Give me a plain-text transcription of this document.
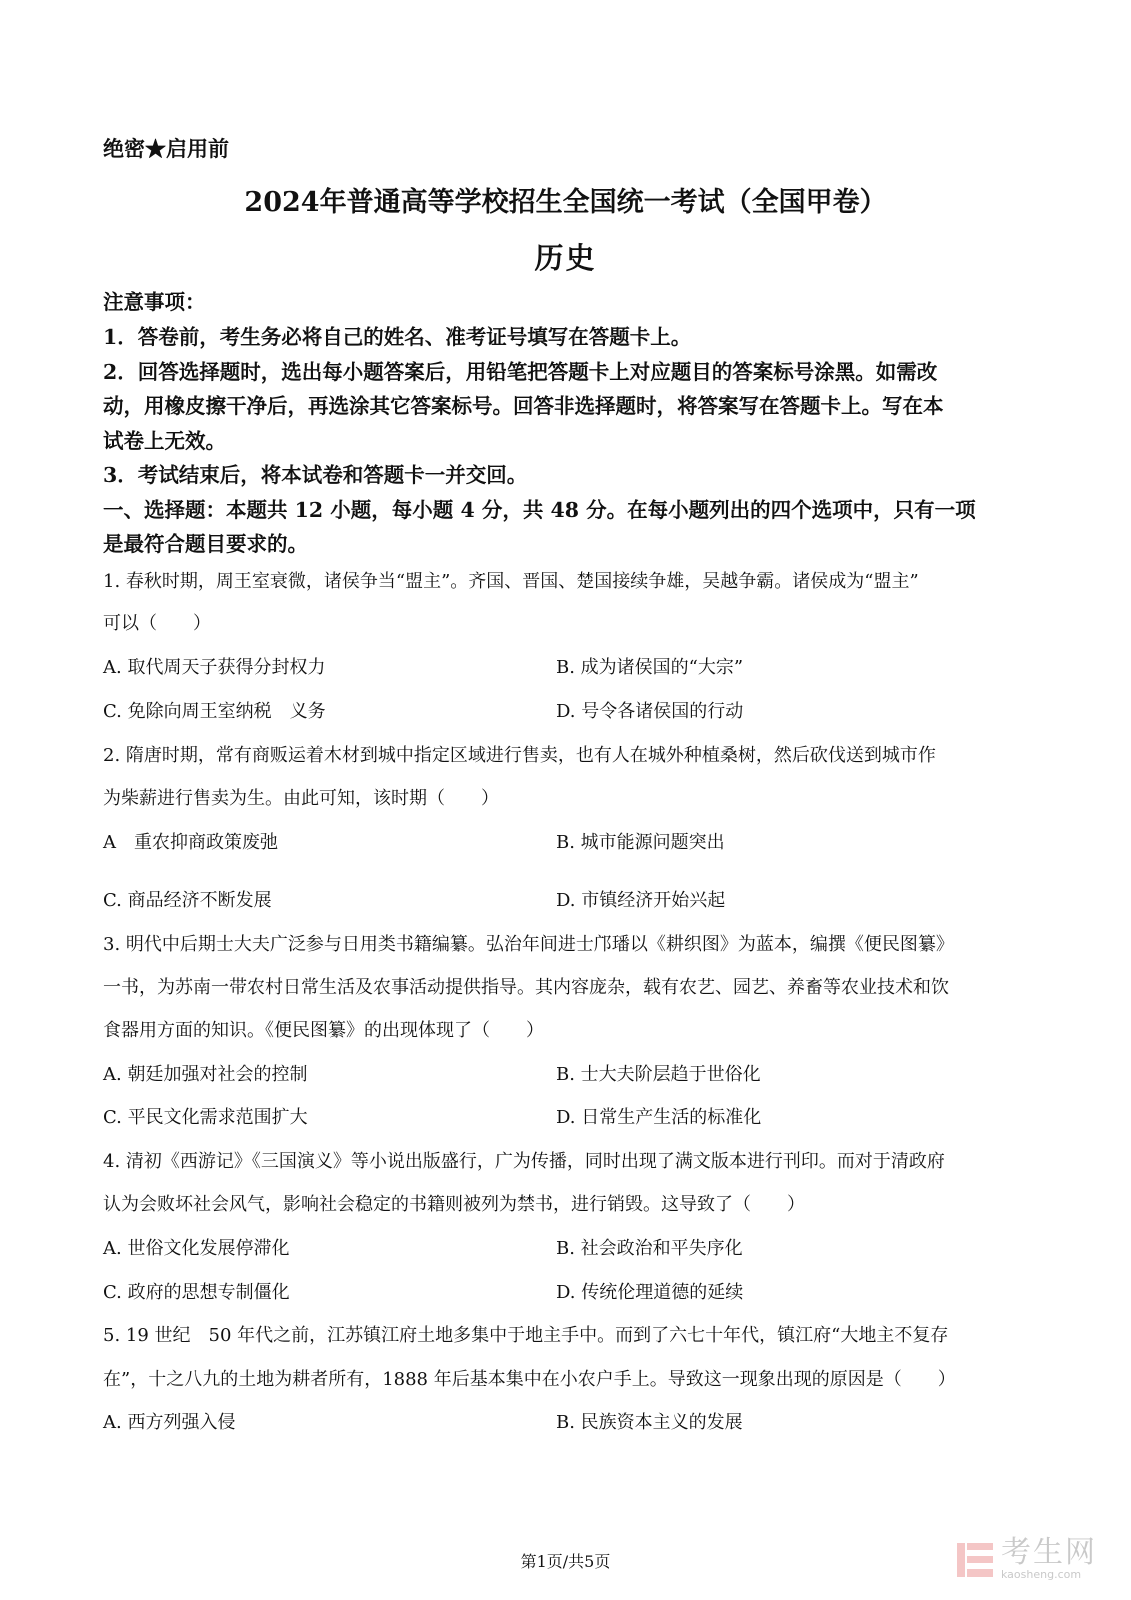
绝密★启用前
2024年普通高等学校招生全国统一考试（全国甲卷）
历史
注意事项：
1．答卷前，考生务必将自己的姓名、准考证号填写在答题卡上。
2．回答选择题时，选出每小题答案后，用铅笔把答题卡上对应题目的答案标号涂黑。如需改
动，用橡皮擦干净后，再选涂其它答案标号。回答非选择题时，将答案写在答题卡上。写在本
试卷上无效。
3．考试结束后，将本试卷和答题卡一并交回。
一、选择题：本题共 12 小题，每小题 4 分，共 48 分。在每小题列出的四个选项中，只有一项
是最符合题目要求的。
1. 春秋时期，周王室衰微，诸侯争当“盟主”。齐国、晋国、楚国接续争雄，吴越争霸。诸侯成为“盟主”
可以（　　）
A. 取代周天子获得分封权力	B. 成为诸侯国的“大宗”
C. 免除向周王室纳税　义务	D. 号令各诸侯国的行动
2. 隋唐时期，常有商贩运着木材到城中指定区域进行售卖，也有人在城外种植桑树，然后砍伐送到城市作
为柴薪进行售卖为生。由此可知，该时期（　　）
A　重农抑商政策废弛	B. 城市能源问题突出
C. 商品经济不断发展	D. 市镇经济开始兴起
3. 明代中后期士大夫广泛参与日用类书籍编纂。弘治年间进士邝璠以《耕织图》为蓝本，编撰《便民图纂》
一书，为苏南一带农村日常生活及农事活动提供指导。其内容庞杂，载有农艺、园艺、养畜等农业技术和饮
食器用方面的知识。《便民图纂》的出现体现了（　　）
A. 朝廷加强对社会的控制	B. 士大夫阶层趋于世俗化
C. 平民文化需求范围扩大	D. 日常生产生活的标准化
4. 清初《西游记》《三国演义》等小说出版盛行，广为传播，同时出现了满文版本进行刊印。而对于清政府
认为会败坏社会风气，影响社会稳定的书籍则被列为禁书，进行销毁。这导致了（　　）
A. 世俗文化发展停滞化	B. 社会政治和平失序化
C. 政府的思想专制僵化	D. 传统伦理道德的延续
5. 19 世纪　50 年代之前，江苏镇江府土地多集中于地主手中。而到了六七十年代，镇江府“大地主不复存
在”，十之八九的土地为耕者所有，1888 年后基本集中在小农户手上。导致这一现象出现的原因是（　　）
A. 西方列强入侵	B. 民族资本主义的发展
第1页/共5页	考生网
kaosheng.com
